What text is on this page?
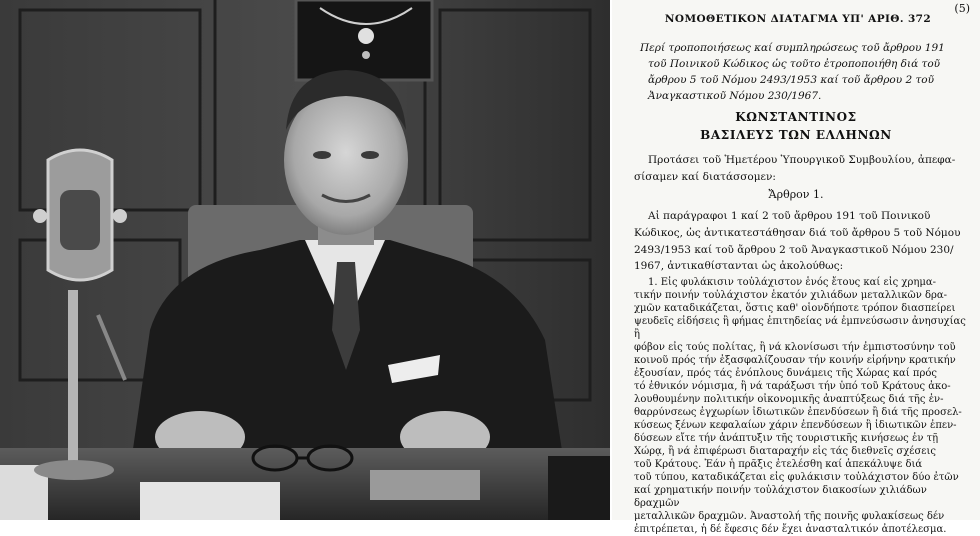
(5)
ΝΟΜΟΘΕΤΙΚΟΝ ΔΙΑΤΑΓΜΑ ΥΠ' ΑΡΙΘ. 372
Περί τροποποιήσεως καί συμπληρώσεως τοῦ ἄρθρου 191
τοῦ Ποινικοῦ Κώδικος ὡς τοῦτο ἐτροποποιήθη διά τοῦ
ἄρθρου 5 τοῦ Νόμου 2493/1953 καί τοῦ ἄρθρου 2 τοῦ
Ἀναγκαστικοῦ Νόμου 230/1967.
ΚΩΝΣΤΑΝΤΙΝΟΣ
ΒΑΣΙΛΕΥΣ ΤΩΝ ΕΛΛΗΝΩΝ
Προτάσει τοῦ Ἡμετέρου Ὑπουργικοῦ Συμβουλίου, ἀπεφα-
σίσαμεν καί διατάσσομεν:
Ἄρθρον 1.
Αἱ παράγραφοι 1 καί 2 τοῦ ἄρθρου 191 τοῦ Ποινικοῦ
Κώδικος, ὡς ἀντικατεστάθησαν διά τοῦ ἄρθρου 5 τοῦ Νόμου
2493/1953 καί τοῦ ἄρθρου 2 τοῦ Ἀναγκαστικοῦ Νόμου 230/
1967, ἀντικαθίστανται ὡς ἀκολούθως:
1. Εἰς φυλάκισιν τοὐλάχιστον ἑνός ἔτους καί εἰς χρημα-
τικήν ποινήν τοὐλάχιστον ἑκατόν χιλιάδων μεταλλικῶν δρα-
χμῶν καταδικάζεται, ὅστις καθ' οἱονδήποτε τρόπον διασπείρει
ψευδεῖς εἰδήσεις ἢ φήμας ἐπιτηδείας νά ἐμπνεύσωσιν ἀνησυχίας ἢ
φόβον εἰς τούς πολίτας, ἢ νά κλονίσωσι τήν ἐμπιστοσύνην τοῦ
κοινοῦ πρός τήν ἐξασφαλίζουσαν τήν κοινήν εἰρήνην κρατικήν
ἐξουσίαν, πρός τάς ἐνόπλους δυνάμεις τῆς Χώρας καί πρός
τό ἐθνικόν νόμισμα, ἢ νά ταράξωσι τήν ὑπό τοῦ Κράτους ἀκο-
λουθουμένην πολιτικήν οἰκονομικῆς ἀναπτύξεως διά τῆς ἐν-
θαρρύνσεως ἐγχωρίων ἰδιωτικῶν ἐπενδύσεων ἢ διά τῆς προσελ-
κύσεως ξένων κεφαλαίων χάριν ἐπενδύσεων ἢ ἰδιωτικῶν ἐπεν-
δύσεων εἴτε τήν ἀνάπτυξιν τῆς τουριστικῆς κινήσεως ἐν τῇ
Χώρᾳ, ἢ νά ἐπιφέρωσι διαταραχήν εἰς τάς διεθνεῖς σχέσεις
τοῦ Κράτους. Ἐάν ἡ πρᾶξις ἐτελέσθη καί ἀπεκάλυψε διά
τοῦ τύπου, καταδικάζεται εἰς φυλάκισιν τοὐλάχιστον δύο ἐτῶν
καί χρηματικήν ποινήν τοὐλάχιστον διακοσίων χιλιάδων δραχμῶν
μεταλλικῶν δραχμῶν. Ἀναστολή τῆς ποινῆς φυλακίσεως δέν
ἐπιτρέπεται, ἡ δέ ἔφεσις δέν ἔχει ἀνασταλτικόν ἀποτέλεσμα.
